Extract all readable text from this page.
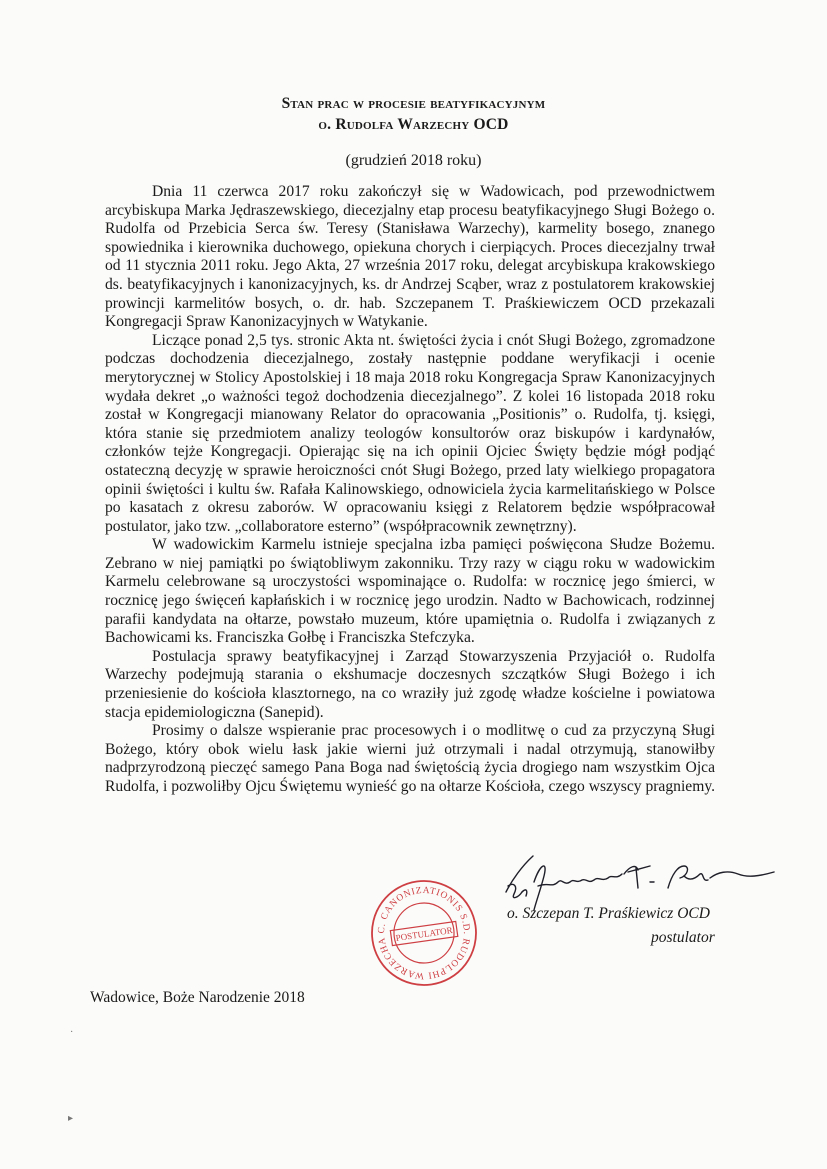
Stan prac w procesie beatyfikacyjnym
o. Rudolfa Warzechy OCD
(grudzień 2018 roku)

Dnia 11 czerwca 2017 roku zakończył się w Wadowicach, pod przewodnictwem arcybiskupa Marka Jędraszewskiego, diecezjalny etap procesu beatyfikacyjnego Sługi Bożego o. Rudolfa od Przebicia Serca św. Teresy (Stanisława Warzechy), karmelity bosego, znanego spowiednika i kierownika duchowego, opiekuna chorych i cierpiących. Proces diecezjalny trwał od 11 stycznia 2011 roku. Jego Akta, 27 września 2017 roku, delegat arcybiskupa krakowskiego ds. beatyfikacyjnych i kanonizacyjnych, ks. dr Andrzej Scąber, wraz z postulatorem krakowskiej prowincji karmelitów bosych, o. dr. hab. Szczepanem T. Praśkiewiczem OCD przekazali Kongregacji Spraw Kanonizacyjnych w Watykanie.

Liczące ponad 2,5 tys. stronic Akta nt. świętości życia i cnót Sługi Bożego, zgromadzone podczas dochodzenia diecezjalnego, zostały następnie poddane weryfikacji i ocenie merytorycznej w Stolicy Apostolskiej i 18 maja 2018 roku Kongregacja Spraw Kanonizacyjnych wydała dekret „o ważności tegoż dochodzenia diecezjalnego”. Z kolei 16 listopada 2018 roku został w Kongregacji mianowany Relator do opracowania „Positionis” o. Rudolfa, tj. księgi, która stanie się przedmiotem analizy teologów konsultorów oraz biskupów i kardynałów, członków tejże Kongregacji. Opierając się na ich opinii Ojciec Święty będzie mógł podjąć ostateczną decyzję w sprawie heroiczności cnót Sługi Bożego, przed laty wielkiego propagatora opinii świętości i kultu św. Rafała Kalinowskiego, odnowiciela życia karmelitańskiego w Polsce po kasatach z okresu zaborów. W opracowaniu księgi z Relatorem będzie współpracował postulator, jako tzw. „collaboratore esterno” (współpracownik zewnętrzny).

W wadowickim Karmelu istnieje specjalna izba pamięci poświęcona Słudze Bożemu. Zebrano w niej pamiątki po świątobliwym zakonniku. Trzy razy w ciągu roku w wadowickim Karmelu celebrowane są uroczystości wspominające o. Rudolfa: w rocznicę jego śmierci, w rocznicę jego święceń kapłańskich i w rocznicę jego urodzin. Nadto w Bachowicach, rodzinnej parafii kandydata na ołtarze, powstało muzeum, które upamiętnia o. Rudolfa i związanych z Bachowicami ks. Franciszka Gołbę i Franciszka Stefczyka.

Postulacja sprawy beatyfikacyjnej i Zarząd Stowarzyszenia Przyjaciół o. Rudolfa Warzechy podejmują starania o ekshumacje doczesnych szczątków Sługi Bożego i ich przeniesienie do kościoła klasztornego, na co wraziły już zgodę władze kościelne i powiatowa stacja epidemiologiczna (Sanepid).

Prosimy o dalsze wspieranie prac procesowych i o modlitwę o cud za przyczyną Sługi Bożego, który obok wielu łask jakie wierni już otrzymali i nadal otrzymują, stanowiłby nadprzyrodzoną pieczęć samego Pana Boga nad świętością życia drogiego nam wszystkim Ojca Rudolfa, i pozwoliłby Ojcu Świętemu wynieść go na ołtarze Kościoła, czego wszyscy pragniemy.

o. Szczepan T. Praśkiewicz OCD
postulator
C. CANONIZATIONIS S.D. RUDOLPHI WARZECHA POSTULATOR
Wadowice, Boże Narodzenie 2018
·
▸
